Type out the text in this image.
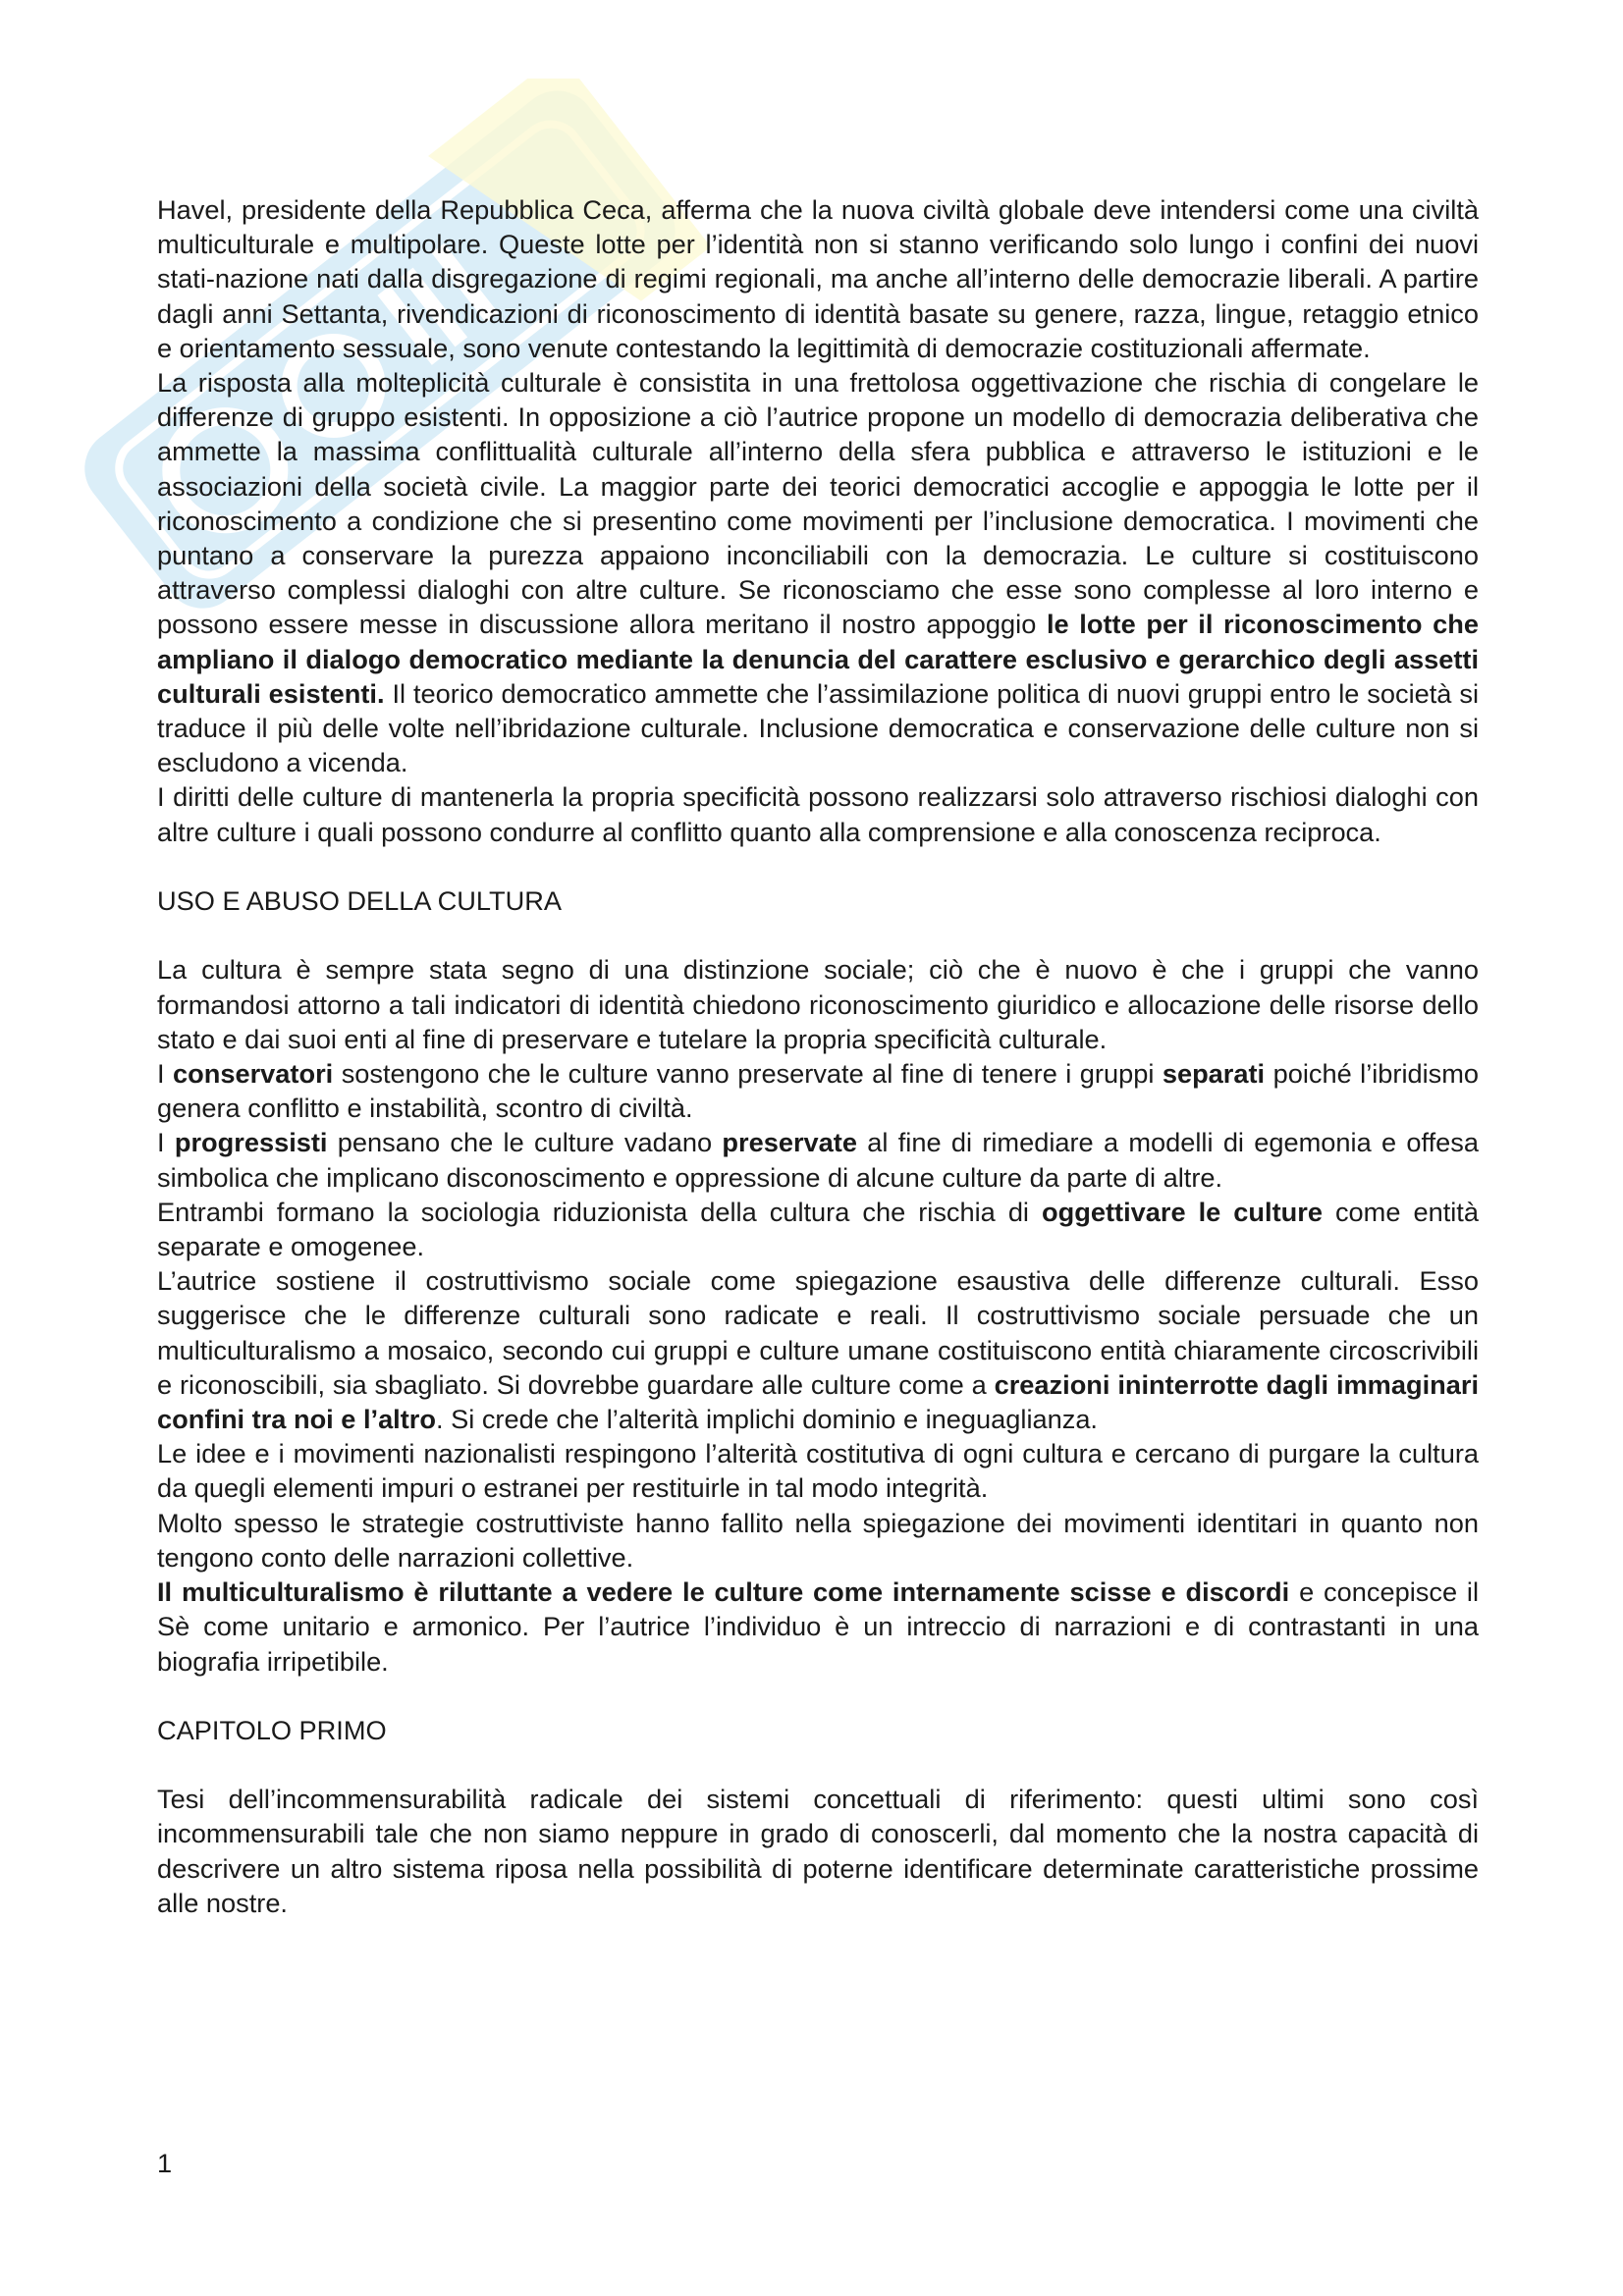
Havel, presidente della Repubblica Ceca, afferma che la nuova civiltà globale deve intendersi come una civiltà multiculturale e multipolare. Queste lotte per l’identità non si stanno verificando solo lungo i confini dei nuovi stati-nazione nati dalla disgregazione di regimi regionali, ma anche all’interno delle democrazie liberali. A partire dagli anni Settanta, rivendicazioni di riconoscimento di identità basate su genere, razza, lingue, retaggio etnico e orientamento sessuale, sono venute contestando la legittimità di democrazie costituzionali affermate.

La risposta alla molteplicità culturale è consistita in una frettolosa oggettivazione che rischia di congelare le differenze di gruppo esistenti. In opposizione a ciò l’autrice propone un modello di democrazia deliberativa che ammette la massima conflittualità culturale all’interno della sfera pubblica e attraverso le istituzioni e le associazioni della società civile. La maggior parte dei teorici democratici accoglie e appoggia le lotte per il riconoscimento a condizione che si presentino come movimenti per l’inclusione democratica. I movimenti che puntano a conservare la purezza appaiono inconciliabili con la democrazia. Le culture si costituiscono attraverso complessi dialoghi con altre culture. Se riconosciamo che esse sono complesse al loro interno e possono essere messe in discussione allora meritano il nostro appoggio le lotte per il riconoscimento che ampliano il dialogo democratico mediante la denuncia del carattere esclusivo e gerarchico degli assetti culturali esistenti. Il teorico democratico ammette che l’assimilazione politica di nuovi gruppi entro le società si traduce il più delle volte nell’ibridazione culturale. Inclusione democratica e conservazione delle culture non si escludono a vicenda.

I diritti delle culture di mantenerla la propria specificità possono realizzarsi solo attraverso rischiosi dialoghi con altre culture i quali possono condurre al conflitto quanto alla comprensione e alla conoscenza reciproca.

USO E ABUSO DELLA CULTURA

La cultura è sempre stata segno di una distinzione sociale; ciò che è nuovo è che i gruppi che vanno formandosi attorno a tali indicatori di identità chiedono riconoscimento giuridico e allocazione delle risorse dello stato e dai suoi enti al fine di preservare e tutelare la propria specificità culturale.

I conservatori sostengono che le culture vanno preservate al fine di tenere i gruppi separati poiché l’ibridismo genera conflitto e instabilità, scontro di civiltà.

I progressisti pensano che le culture vadano preservate al fine di rimediare a modelli di egemonia e offesa simbolica che implicano disconoscimento e oppressione di alcune culture da parte di altre.

Entrambi formano la sociologia riduzionista della cultura che rischia di oggettivare le culture come entità separate e omogenee.

L’autrice sostiene il costruttivismo sociale come spiegazione esaustiva delle differenze culturali. Esso suggerisce che le differenze culturali sono radicate e reali. Il costruttivismo sociale persuade che un multiculturalismo a mosaico, secondo cui gruppi e culture umane costituiscono entità chiaramente circoscrivibili e riconoscibili, sia sbagliato. Si dovrebbe guardare alle culture come a creazioni ininterrotte dagli immaginari confini tra noi e l’altro. Si crede che l’alterità implichi dominio e ineguaglianza.

Le idee e i movimenti nazionalisti respingono l’alterità costitutiva di ogni cultura e cercano di purgare la cultura da quegli elementi impuri o estranei per restituirle in tal modo integrità.

Molto spesso le strategie costruttiviste hanno fallito nella spiegazione dei movimenti identitari in quanto non tengono conto delle narrazioni collettive.

Il multiculturalismo è riluttante a vedere le culture come internamente scisse e discordi e concepisce il Sè come unitario e armonico. Per l’autrice l’individuo è un intreccio di narrazioni e di contrastanti in una biografia irripetibile.

CAPITOLO PRIMO

Tesi dell’incommensurabilità radicale dei sistemi concettuali di riferimento: questi ultimi sono così incommensurabili tale che non siamo neppure in grado di conoscerli, dal momento che la nostra capacità di descrivere un altro sistema riposa nella possibilità di poterne identificare determinate caratteristiche prossime alle nostre.

1
